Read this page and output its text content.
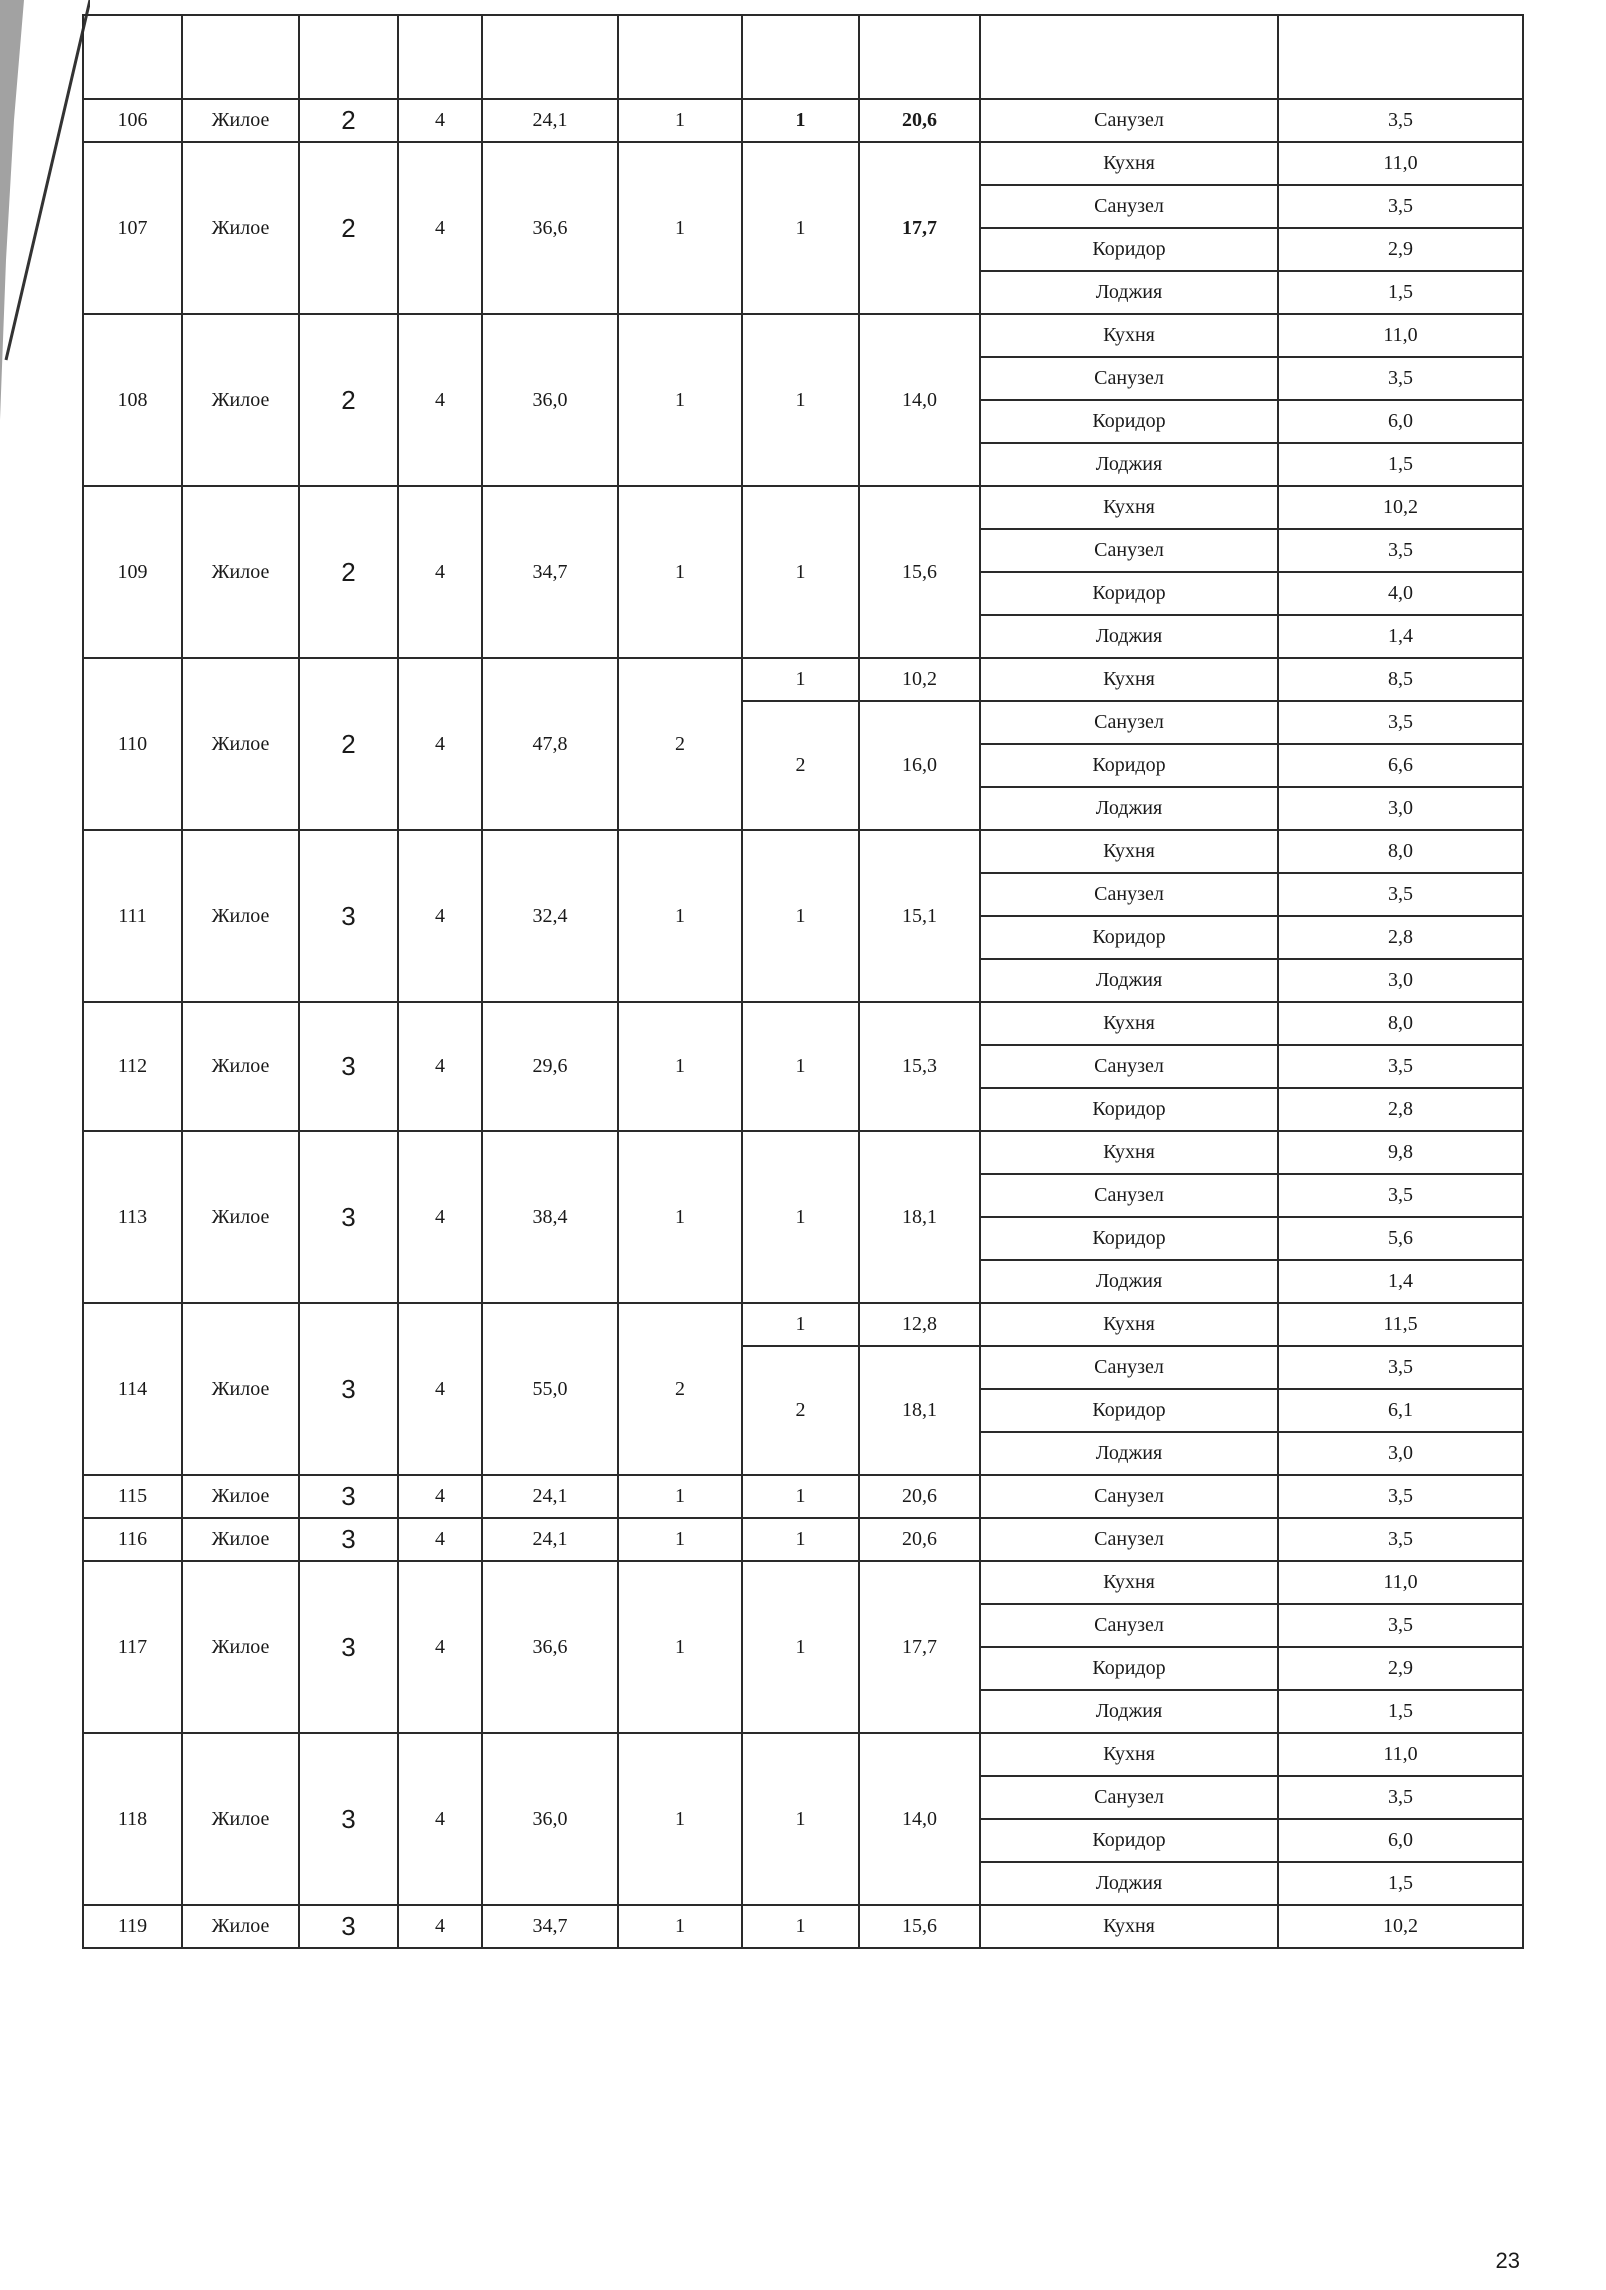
106	Жилое	2	4	24,1	1	1	20,6	Санузел	3,5

107	Жилое	2	4	36,6	1	1	17,7	Кухня	11,0
								Санузел	3,5
								Коридор	2,9
								Лоджия	1,5
108	Жилое	2	4	36,0	1	1	14,0	Кухня	11,0
								Санузел	3,5
								Коридор	6,0
								Лоджия	1,5
109	Жилое	2	4	34,7	1	1	15,6	Кухня	10,2
								Санузел	3,5
								Коридор	4,0
								Лоджия	1,4
110	Жилое	2	4	47,8	2	1	10,2	Кухня	8,5
						2	16,0	Санузел	3,5
								Коридор	6,6
								Лоджия	3,0
111	Жилое	3	4	32,4	1	1	15,1	Кухня	8,0
								Санузел	3,5
								Коридор	2,8
								Лоджия	3,0
112	Жилое	3	4	29,6	1	1	15,3	Кухня	8,0
								Санузел	3,5
								Коридор	2,8
113	Жилое	3	4	38,4	1	1	18,1	Кухня	9,8
								Санузел	3,5
								Коридор	5,6
								Лоджия	1,4
114	Жилое	3	4	55,0	2	1	12,8	Кухня	11,5
						2	18,1	Санузел	3,5
								Коридор	6,1
								Лоджия	3,0
115	Жилое	3	4	24,1	1	1	20,6	Санузел	3,5

116	Жилое	3	4	24,1	1	1	20,6	Санузел	3,5

117	Жилое	3	4	36,6	1	1	17,7	Кухня	11,0
								Санузел	3,5
								Коридор	2,9
								Лоджия	1,5
118	Жилое	3	4	36,0	1	1	14,0	Кухня	11,0
								Санузел	3,5
								Коридор	6,0
								Лоджия	1,5
119	Жилое	3	4	34,7	1	1	15,6	Кухня	10,2

23
